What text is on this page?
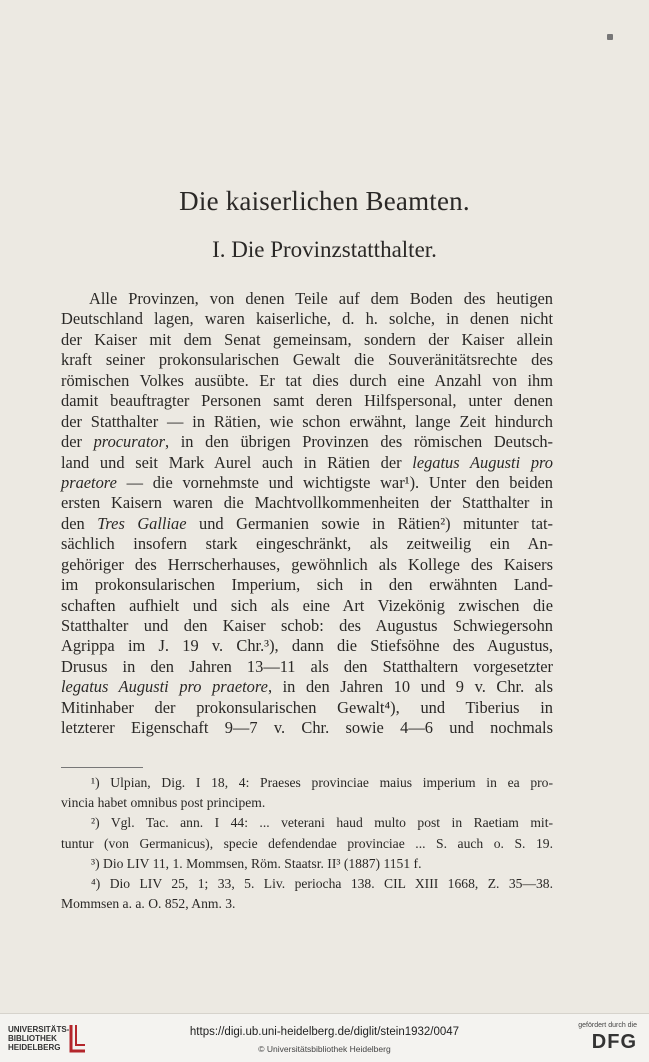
Die kaiserlichen Beamten.
I. Die Provinzstatthalter.
Alle Provinzen, von denen Teile auf dem Boden des heutigen
Deutschland lagen, waren kaiserliche, d. h. solche, in denen nicht
der Kaiser mit dem Senat gemeinsam, sondern der Kaiser allein
kraft seiner prokonsularischen Gewalt die Souveränitätsrechte des
römischen Volkes ausübte. Er tat dies durch eine Anzahl von ihm
damit beauftragter Personen samt deren Hilfspersonal, unter denen
der Statthalter — in Rätien, wie schon erwähnt, lange Zeit hindurch
der procurator, in den übrigen Provinzen des römischen Deutsch-
land und seit Mark Aurel auch in Rätien der legatus Augusti pro
praetore — die vornehmste und wichtigste war¹). Unter den beiden
ersten Kaisern waren die Machtvollkommenheiten der Statthalter in
den Tres Galliae und Germanien sowie in Rätien²) mitunter tat-
sächlich insofern stark eingeschränkt, als zeitweilig ein An-
gehöriger des Herrscherhauses, gewöhnlich als Kollege des Kaisers
im prokonsularischen Imperium, sich in den erwähnten Land-
schaften aufhielt und sich als eine Art Vizekönig zwischen die
Statthalter und den Kaiser schob: des Augustus Schwiegersohn
Agrippa im J. 19 v. Chr.³), dann die Stiefsöhne des Augustus,
Drusus in den Jahren 13—11 als den Statthaltern vorgesetzter
legatus Augusti pro praetore, in den Jahren 10 und 9 v. Chr. als
Mitinhaber der prokonsularischen Gewalt⁴), und Tiberius in
letzterer Eigenschaft 9—7 v. Chr. sowie 4—6 und nochmals
¹) Ulpian, Dig. I 18, 4: Praeses provinciae maius imperium in ea pro-
vincia habet omnibus post principem.
²) Vgl. Tac. ann. I 44: ... veterani haud multo post in Raetiam mit-
tuntur (von Germanicus), specie defendendae provinciae ... S. auch o. S. 19.
³) Dio LIV 11, 1. Mommsen, Röm. Staatsr. II³ (1887) 1151 f.
⁴) Dio LIV 25, 1; 33, 5. Liv. periocha 138. CIL XIII 1668, Z. 35—38.
Mommsen a. a. O. 852, Anm. 3.
UNIVERSITÄTS-
BIBLIOTHEK
HEIDELBERG
https://digi.ub.uni-heidelberg.de/diglit/stein1932/0047
© Universitätsbibliothek Heidelberg
gefördert durch die
DFG
